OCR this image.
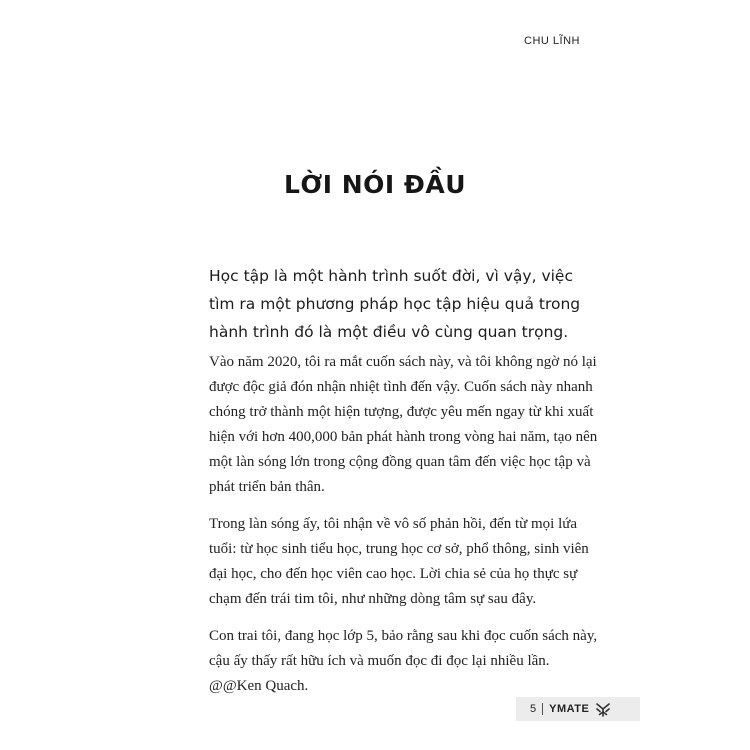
CHU LĨNH
LỜI NÓI ĐẦU

Học tập là một hành trình suốt đời, vì vậy, việc tìm ra một phương pháp học tập hiệu quả trong hành trình đó là một điều vô cùng quan trọng.

Vào năm 2020, tôi ra mắt cuốn sách này, và tôi không ngờ nó lại được độc giả đón nhận nhiệt tình đến vậy. Cuốn sách này nhanh chóng trở thành một hiện tượng, được yêu mến ngay từ khi xuất hiện với hơn 400,000 bản phát hành trong vòng hai năm, tạo nên một làn sóng lớn trong cộng đồng quan tâm đến việc học tập và phát triển bản thân.

Trong làn sóng ấy, tôi nhận về vô số phản hồi, đến từ mọi lứa tuổi: từ học sinh tiểu học, trung học cơ sở, phổ thông, sinh viên đại học, cho đến học viên cao học. Lời chia sẻ của họ thực sự chạm đến trái tim tôi, như những dòng tâm sự sau đây.

Con trai tôi, đang học lớp 5, bảo rằng sau khi đọc cuốn sách này, cậu ấy thấy rất hữu ích và muốn đọc đi đọc lại nhiều lần. @@Ken Quach.

5 YMATE
